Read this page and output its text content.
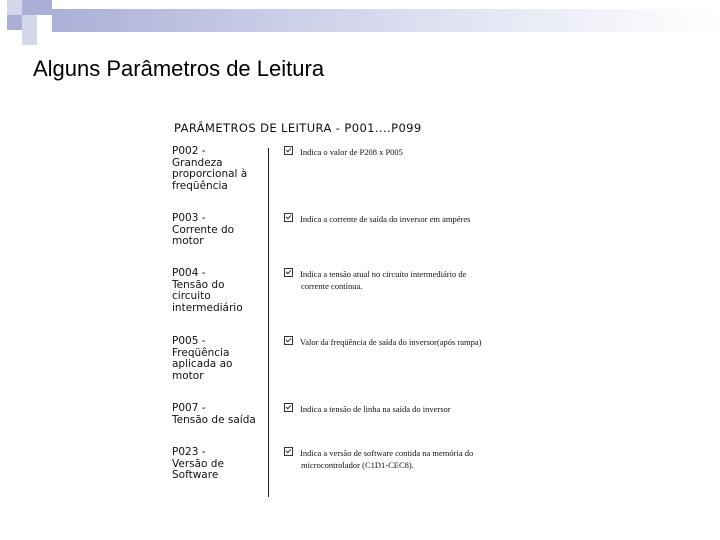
Alguns Parâmetros de Leitura
PARÂMETROS DE LEITURA - P001....P099
P002 -
Grandeza
proporcional à
freqüência
Indica o valor de P208 x P005
P003 -
Corrente do
motor
Indica a corrente de saída do inversor em ampéres
P004 -
Tensão do
circuito
intermediário
Indica a tensão atual no circuito intermediário de
corrente contínua.
P005 -
Freqüência
aplicada ao
motor
Valor da freqüência de saída do inversor(após rampa)
P007 -
Tensão de saída
Indica a tensão de linha na saída do inversor
P023 -
Versão de
Software
Indica a versão de software contida na memória do
microcontrolador (C1D1-CEC8).
